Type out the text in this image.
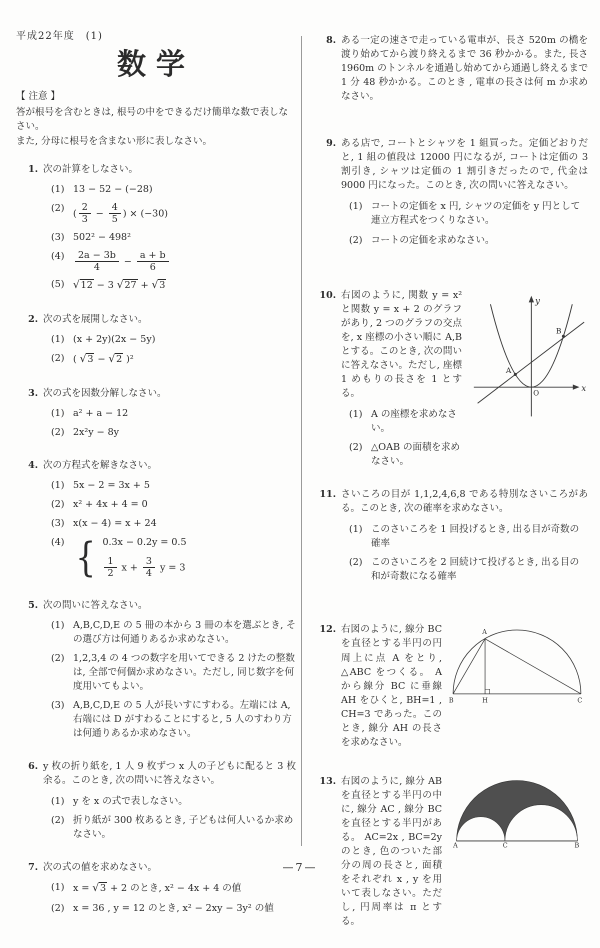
平成22年度　(1)
数学
【 注意 】

答が根号を含むときは, 根号の中をできるだけ簡単な数で表しなさい。

また, 分母に根号を含まない形に表しなさい。

1. 次の計算をしなさい。
(1) 13 − 52 − (−28)
(2) ( $\frac{2}{3} - \frac{4}{5}$ ) × (−30)
(3) 502² − 498²
(4)	$\frac{2a - 3b}{4} - \frac{a + b}{6}$
(5) √12 − 3 √27 + √3
2. 次の式を展開しなさい。
(1) (x + 2y)(2x − 5y)
(2) ( √3 − √2 )²
3. 次の式を因数分解しなさい。
(1) a² + a − 12
(2) 2x²y − 8y
4. 次の方程式を解きなさい。
(1) 5x − 2 = 3x + 5
(2) x² + 4x + 4 = 0
(3) x(x − 4) = x + 24
(4) { 0.3x − 0.2y = 0.5
$\frac{1}{2}$ $x + \frac{3}{4}$ y = 3
5. 次の問いに答えなさい。
(1) A,B,C,D,E の 5 冊の本から 3 冊の本を選ぶとき, その選び方は何通りあるか求めなさい。
(2) 1,2,3,4 の 4 つの数字を用いてできる 2 けたの整数は, 全部で何個か求めなさい。ただし, 同じ数字を何度用いてもよい。
(3) A,B,C,D,E の 5 人が長いすにすわる。左端には A, 右端には D がすわることにすると, 5 人のすわり方は何通りあるか求めなさい。
6. y 枚の折り紙を, 1 人 9 枚ずつ x 人の子どもに配ると 3 枚余る。このとき, 次の問いに答えなさい。
(1) y を x の式で表しなさい。
(2) 折り紙が 300 枚あるとき, 子どもは何人いるか求めなさい。
7. 次の式の値を求めなさい。
(1) x = √3 + 2 のとき, x² − 4x + 4 の値
(2) x = 36 , y = 12 のとき, x² − 2xy − 3y² の値
8. ある一定の速さで走っている電車が、長さ 520m の橋を渡り始めてから渡り終えるまで 36 秒かかる。また, 長さ 1960m のトンネルを通過し始めてから通過し終えるまで 1 分 48 秒かかる。このとき , 電車の長さは何 m か求めなさい。
9. ある店で, コートとシャツを 1 組買った。定価どおりだと, 1 組の値段は 12000 円になるが, コートは定価の 3 割引き, シャツは定価の 1 割引きだったので, 代金は 9000 円になった。このとき, 次の問いに答えなさい。
(1) コートの定価を x 円, シャツの定価を y 円として連立方程式をつくりなさい。
(2) コートの定価を求めなさい。
10. 右図のように, 関数 y = x² と関数 y = x + 2 のグラフがあり, 2 つのグラフの交点を, x 座標の小さい順に A,B とする。このとき, 次の問いに答えなさい。ただし, 座標 1 めもりの長さを 1 とする。
(1) A の座標を求めなさい。
(2) △OAB の面積を求めなさい。
y
x
O
A
B
11. さいころの目が 1,1,2,4,6,8 である特別なさいころがある。このとき, 次の確率を求めなさい。
(1) このさいころを 1 回投げるとき, 出る目が奇数の確率
(2) このさいころを 2 回続けて投げるとき, 出る目の和が奇数になる確率
12. 右図のように, 線分 BC を直径とする半円の円周上に点 A をとり, △ABC をつくる。 A から線分 BC に垂線 AH をひくと, BH=1 , CH=3 であった。このとき, 線分 AH の長さを求めなさい。
A
B	H	C
13. 右図のように, 線分 AB を直径とする半円の中に, 線分 AC , 線分 BC を直径とする半円がある。 AC=2x , BC=2y のとき, 色のついた部分の周の長さと, 面積をそれぞれ x , y を用いて表しなさい。ただし, 円周率は π とする。
A	C	B
—7—
